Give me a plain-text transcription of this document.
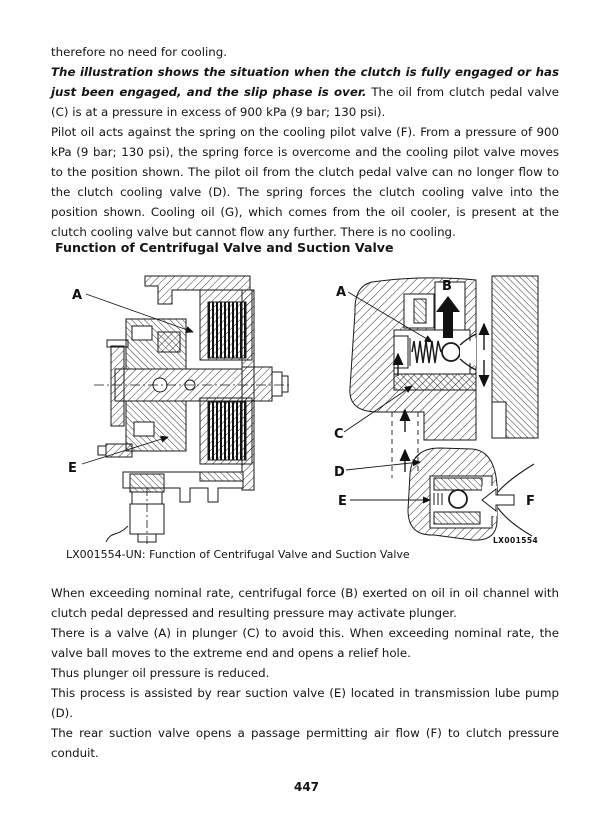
therefore no need for cooling.

The illustration shows the situation when the clutch is fully engaged or has just been engaged, and the slip phase is over. The oil from clutch pedal valve (C) is at a pressure in excess of 900 kPa (9 bar; 130 psi).

Pilot oil acts against the spring on the cooling pilot valve (F). From a pressure of 900 kPa (9 bar; 130 psi), the spring force is overcome and the cooling pilot valve moves to the position shown. The pilot oil from the clutch pedal valve can no longer flow to the clutch cooling valve (D). The spring forces the clutch cooling valve into the position shown. Cooling oil (G), which comes from the oil cooler, is present at the clutch cooling valve but cannot flow any further. There is no cooling.

Function of Centrifugal Valve and Suction Valve
A
E
A	B
C
D
E	F
LX001554
LX001554-UN: Function of Centrifugal Valve and Suction Valve

When exceeding nominal rate, centrifugal force (B) exerted on oil in oil channel with clutch pedal depressed and resulting pressure may activate plunger.

There is a valve (A) in plunger (C) to avoid this. When exceeding nominal rate, the valve ball moves to the extreme end and opens a relief hole.

Thus plunger oil pressure is reduced.

This process is assisted by rear suction valve (E) located in transmission lube pump (D).

The rear suction valve opens a passage permitting air flow (F) to clutch pressure conduit.

447
